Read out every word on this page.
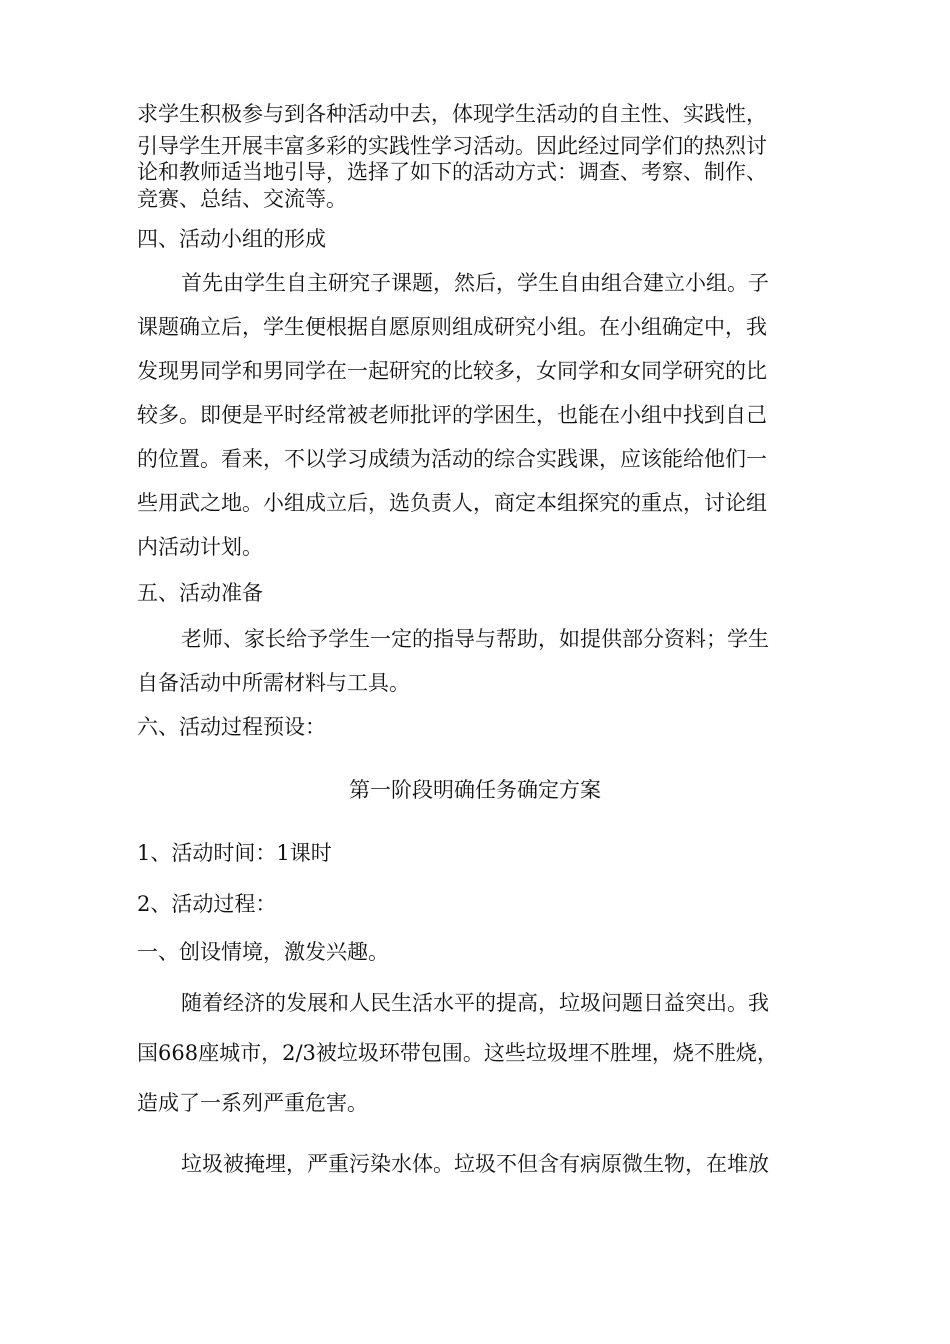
求学生积极参与到各种活动中去，体现学生活动的自主性、实践性，
引导学生开展丰富多彩的实践性学习活动。因此经过同学们的热烈讨
论和教师适当地引导，选择了如下的活动方式：调查、考察、制作、
竞赛、总结、交流等。
四、活动小组的形成
首先由学生自主研究子课题，然后，学生自由组合建立小组。子
课题确立后，学生便根据自愿原则组成研究小组。在小组确定中，我
发现男同学和男同学在一起研究的比较多，女同学和女同学研究的比
较多。即便是平时经常被老师批评的学困生，也能在小组中找到自己
的位置。看来，不以学习成绩为活动的综合实践课，应该能给他们一
些用武之地。小组成立后，选负责人，商定本组探究的重点，讨论组
内活动计划。
五、活动准备
老师、家长给予学生一定的指导与帮助，如提供部分资料；学生
自备活动中所需材料与工具。
六、活动过程预设：
第一阶段明确任务确定方案
1、活动时间：1课时
2、活动过程：
一、创设情境，激发兴趣。
随着经济的发展和人民生活水平的提高，垃圾问题日益突出。我
国668座城市，2/3被垃圾环带包围。这些垃圾埋不胜埋，烧不胜烧，
造成了一系列严重危害。
垃圾被掩埋，严重污染水体。垃圾不但含有病原微生物，在堆放
